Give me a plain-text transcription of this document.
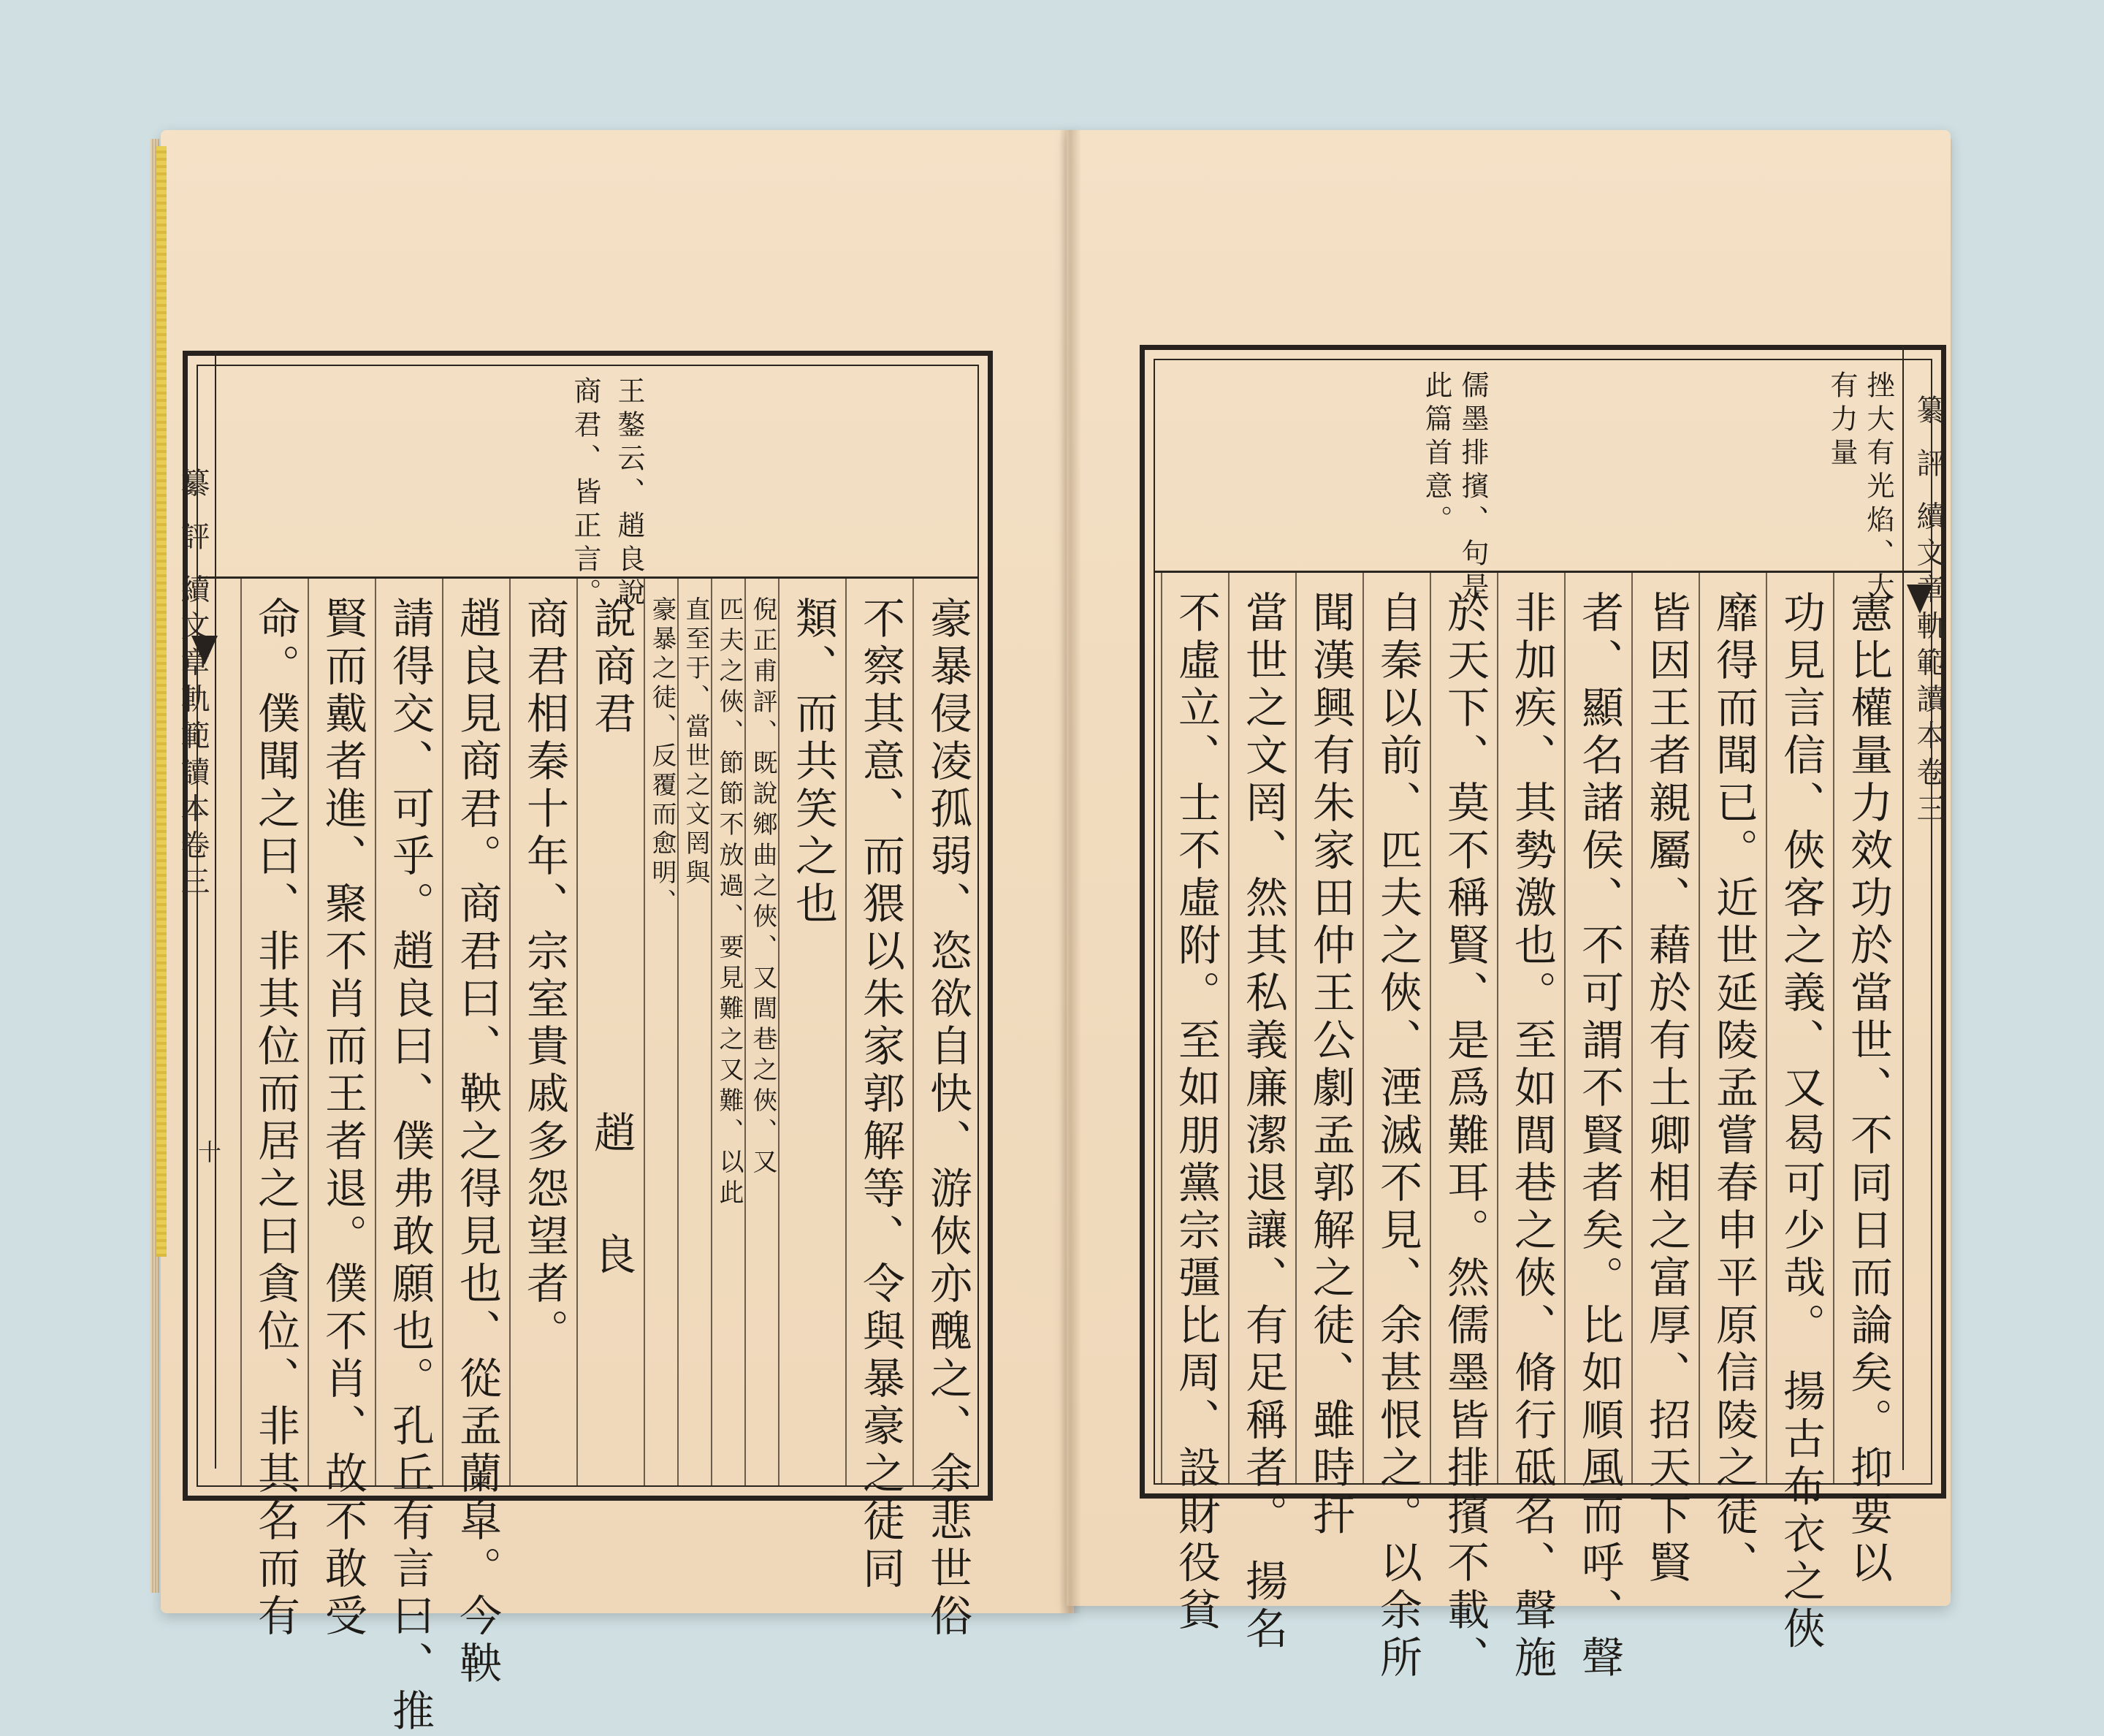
王鏊云、趙良說
商君、皆正言。
豪暴侵凌孤弱、恣欲自快、游俠亦醜之、余悲世俗
不察其意、而猥以朱家郭解等、令與暴豪之徒同
類、而共笑之也
倪正甫評、既說鄉曲之俠、又閭巷之俠、又
匹夫之俠、節節不放過、要見難之又難、以此
直至于、當世之文罔與
豪暴之徒、反覆而愈明、
說商君                    趙    良
商君相秦十年、宗室貴戚多怨望者。
趙良見商君。商君曰、鞅之得見也、從孟蘭皐。今鞅
請得交、可乎。趙良曰、僕弗敢願也。孔丘有言曰、推
賢而戴者進、聚不肖而王者退。僕不肖、故不敢受
命。僕聞之曰、非其位而居之曰貪位、非其名而有
纂 評 續文章軌範讀本卷三
十
挫大有光焰、大
有力量
儒墨排擯、句是
此篇首意。
憲比權量力效功於當世、不同日而論矣。抑要以
功見言信、俠客之義、又曷可少哉。 揚古布衣之俠
靡得而聞已。近世延陵孟嘗春申平原信陵之徒、
皆因王者親屬、藉於有土卿相之富厚、招天下賢
者、顯名諸侯、不可謂不賢者矣。比如順風而呼、聲
非加疾、其勢激也。至如閭巷之俠、脩行砥名、聲施
於天下、莫不稱賢、是爲難耳。然儒墨皆排擯不載、
自秦以前、匹夫之俠、湮滅不見、余甚恨之。以余所
聞漢興有朱家田仲王公劇孟郭解之徒、雖時扞
當世之文罔、然其私義廉潔退讓、有足稱者。 揚名
不虛立、士不虛附。至如朋黨宗彊比周、設財役貧	纂 評 續文章軌範讀本卷三
